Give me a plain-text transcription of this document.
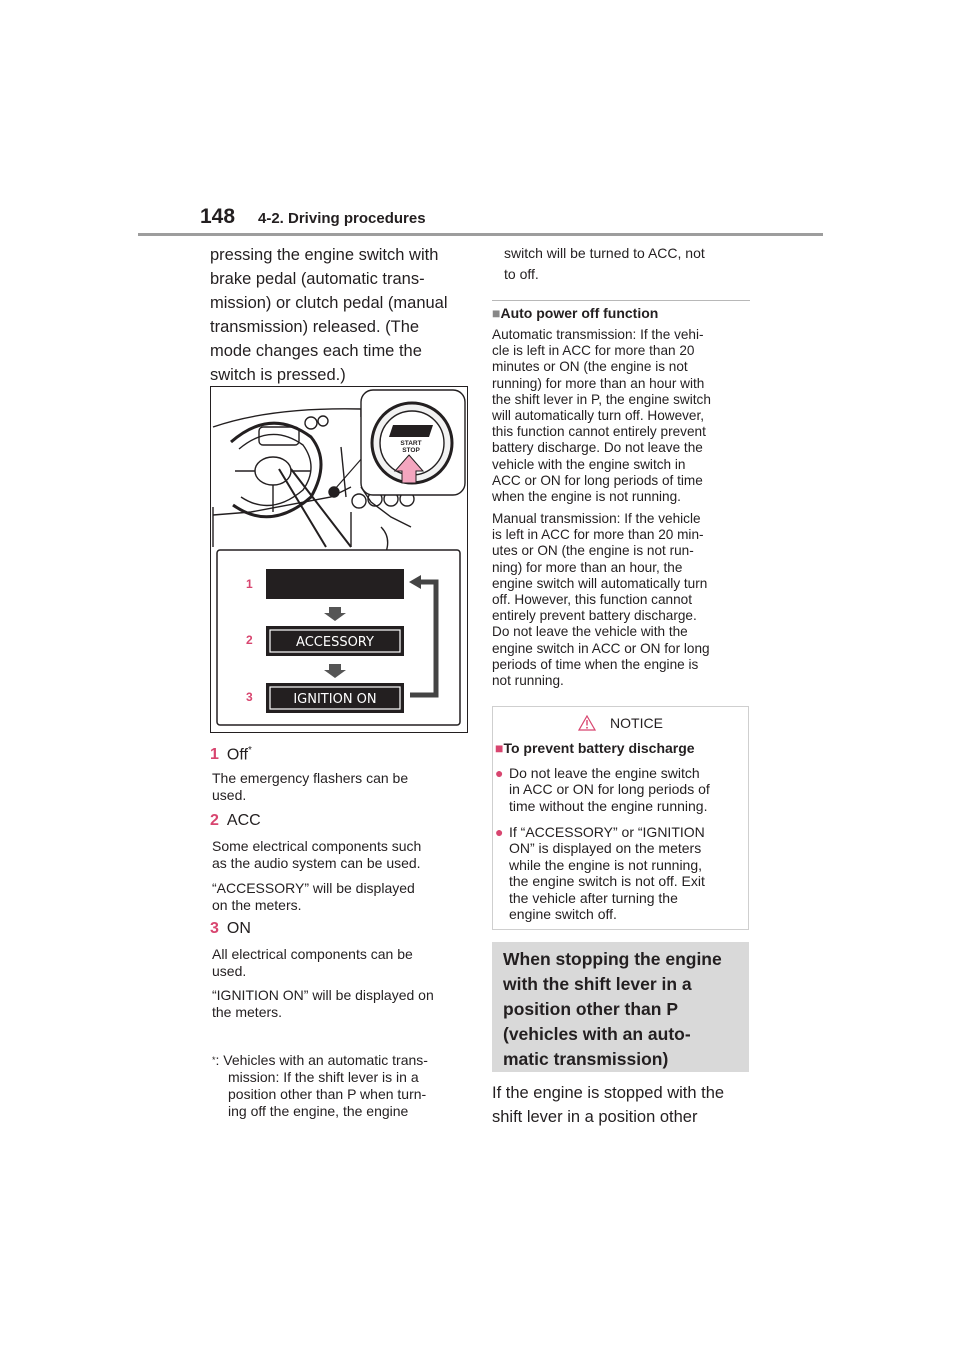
148 4-2. Driving procedures
pressing the engine switch with
brake pedal (automatic trans-
mission) or clutch pedal (manual
transmission) released. (The
mode changes each time the
switch is pressed.)
START
STOP
1
2
3
ACCESSORY
IGNITION ON
1 Off*
The emergency flashers can be
used.
2 ACC
Some electrical components such
as the audio system can be used.
“ACCESSORY” will be displayed
on the meters.
3 ON
All electrical components can be
used.
“IGNITION ON” will be displayed on
the meters.
*: Vehicles with an automatic trans-
mission: If the shift lever is in a
position other than P when turn-
ing off the engine, the engine
switch will be turned to ACC, not
to off.
■Auto power off function
Automatic transmission: If the vehi-
cle is left in ACC for more than 20
minutes or ON (the engine is not
running) for more than an hour with
the shift lever in P, the engine switch
will automatically turn off. However,
this function cannot entirely prevent
battery discharge. Do not leave the
vehicle with the engine switch in
ACC or ON for long periods of time
when the engine is not running.
Manual transmission: If the vehicle
is left in ACC for more than 20 min-
utes or ON (the engine is not run-
ning) for more than an hour, the
engine switch will automatically turn
off. However, this function cannot
entirely prevent battery discharge.
Do not leave the vehicle with the
engine switch in ACC or ON for long
periods of time when the engine is
not running.
NOTICE
■To prevent battery discharge
● Do not leave the engine switch
in ACC or ON for long periods of
time without the engine running.
● If “ACCESSORY” or “IGNITION
ON” is displayed on the meters
while the engine is not running,
the engine switch is not off. Exit
the vehicle after turning the
engine switch off.
When stopping the engine
with the shift lever in a
position other than P
(vehicles with an auto-
matic transmission)
If the engine is stopped with the
shift lever in a position other
